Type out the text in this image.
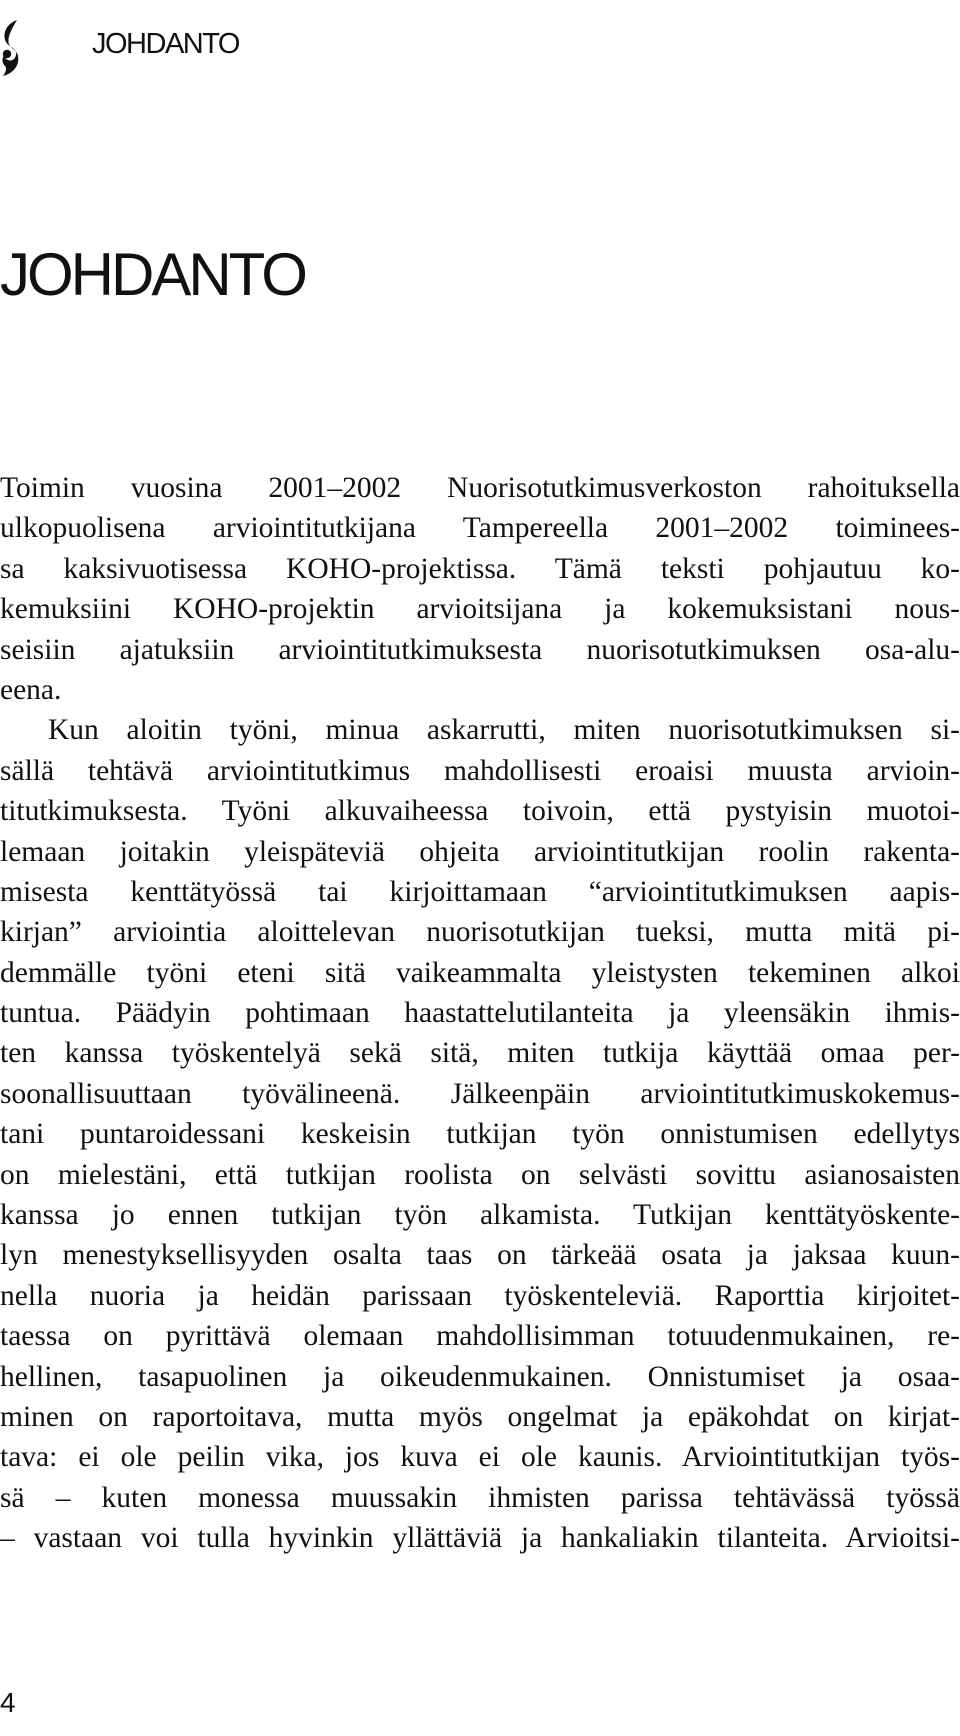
JOHDANTO
JOHDANTO
Toimin vuosina 2001–2002 Nuorisotutkimusverkoston rahoituksella
ulkopuolisena arviointitutkijana Tampereella 2001–2002 toiminees-
sa kaksivuotisessa KOHO-projektissa. Tämä teksti pohjautuu ko-
kemuksiini KOHO-projektin arvioitsijana ja kokemuksistani nous-
seisiin ajatuksiin arviointitutkimuksesta nuorisotutkimuksen osa-alu-
eena.
Kun aloitin työni, minua askarrutti, miten nuorisotutkimuksen si-
sällä tehtävä arviointitutkimus mahdollisesti eroaisi muusta arvioin-
titutkimuksesta. Työni alkuvaiheessa toivoin, että pystyisin muotoi-
lemaan joitakin yleispäteviä ohjeita arviointitutkijan roolin rakenta-
misesta kenttätyössä tai kirjoittamaan “arviointitutkimuksen aapis-
kirjan” arviointia aloittelevan nuorisotutkijan tueksi, mutta mitä pi-
demmälle työni eteni sitä vaikeammalta yleistysten tekeminen alkoi
tuntua. Päädyin pohtimaan haastattelutilanteita ja yleensäkin ihmis-
ten kanssa työskentelyä sekä sitä, miten tutkija käyttää omaa per-
soonallisuuttaan työvälineenä. Jälkeenpäin arviointitutkimuskokemus-
tani puntaroidessani keskeisin tutkijan työn onnistumisen edellytys
on mielestäni, että tutkijan roolista on selvästi sovittu asianosaisten
kanssa jo ennen tutkijan työn alkamista. Tutkijan kenttätyöskente-
lyn menestyksellisyyden osalta taas on tärkeää osata ja jaksaa kuun-
nella nuoria ja heidän parissaan työskenteleviä. Raporttia kirjoitet-
taessa on pyrittävä olemaan mahdollisimman totuudenmukainen, re-
hellinen, tasapuolinen ja oikeudenmukainen. Onnistumiset ja osaa-
minen on raportoitava, mutta myös ongelmat ja epäkohdat on kirjat-
tava: ei ole peilin vika, jos kuva ei ole kaunis. Arviointitutkijan työs-
sä – kuten monessa muussakin ihmisten parissa tehtävässä työssä
– vastaan voi tulla hyvinkin yllättäviä ja hankaliakin tilanteita. Arvioitsi-
4
